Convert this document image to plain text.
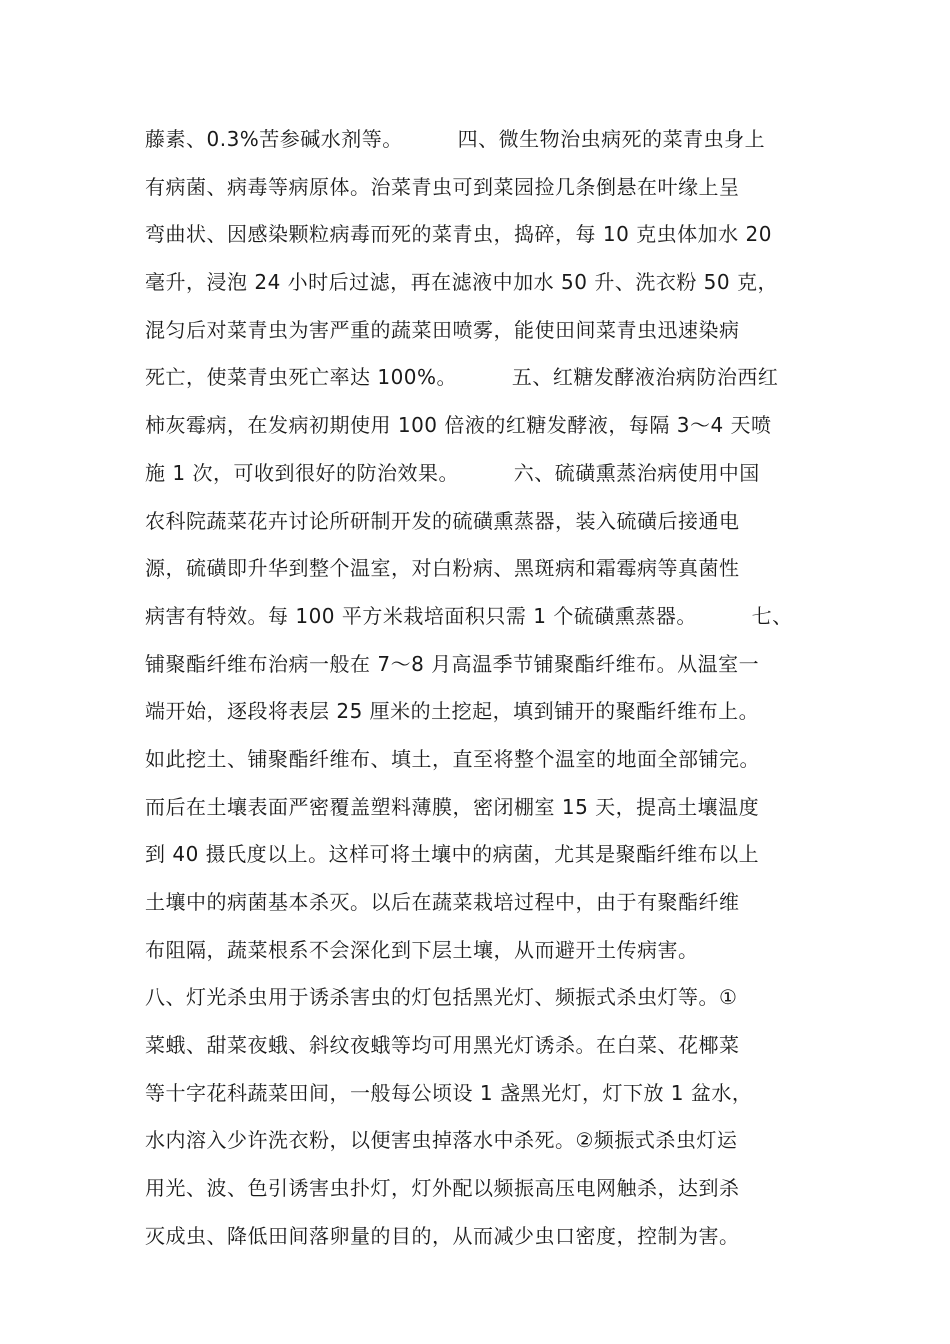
藤素、0.3%苦参碱水剂等。        四、微生物治虫病死的菜青虫身上
有病菌、病毒等病原体。治菜青虫可到菜园捡几条倒悬在叶缘上呈
弯曲状、因感染颗粒病毒而死的菜青虫，捣碎，每 10 克虫体加水 20
毫升，浸泡 24 小时后过滤，再在滤液中加水 50 升、洗衣粉 50 克，
混匀后对菜青虫为害严重的蔬菜田喷雾，能使田间菜青虫迅速染病
死亡，使菜青虫死亡率达 100%。        五、红糖发酵液治病防治西红
柿灰霉病，在发病初期使用 100 倍液的红糖发酵液，每隔 3～4 天喷
施 1 次，可收到很好的防治效果。        六、硫磺熏蒸治病使用中国
农科院蔬菜花卉讨论所研制开发的硫磺熏蒸器，装入硫磺后接通电
源，硫磺即升华到整个温室，对白粉病、黑斑病和霜霉病等真菌性
病害有特效。每 100 平方米栽培面积只需 1 个硫磺熏蒸器。        七、
铺聚酯纤维布治病一般在 7～8 月高温季节铺聚酯纤维布。从温室一
端开始，逐段将表层 25 厘米的土挖起，填到铺开的聚酯纤维布上。
如此挖土、铺聚酯纤维布、填土，直至将整个温室的地面全部铺完。
而后在土壤表面严密覆盖塑料薄膜，密闭棚室 15 天，提高土壤温度
到 40 摄氏度以上。这样可将土壤中的病菌，尤其是聚酯纤维布以上
土壤中的病菌基本杀灭。以后在蔬菜栽培过程中，由于有聚酯纤维
布阻隔，蔬菜根系不会深化到下层土壤，从而避开土传病害。
八、灯光杀虫用于诱杀害虫的灯包括黑光灯、频振式杀虫灯等。①
菜蛾、甜菜夜蛾、斜纹夜蛾等均可用黑光灯诱杀。在白菜、花椰菜
等十字花科蔬菜田间，一般每公顷设 1 盏黑光灯，灯下放 1 盆水，
水内溶入少许洗衣粉，以便害虫掉落水中杀死。②频振式杀虫灯运
用光、波、色引诱害虫扑灯，灯外配以频振高压电网触杀，达到杀
灭成虫、降低田间落卵量的目的，从而减少虫口密度，控制为害。
